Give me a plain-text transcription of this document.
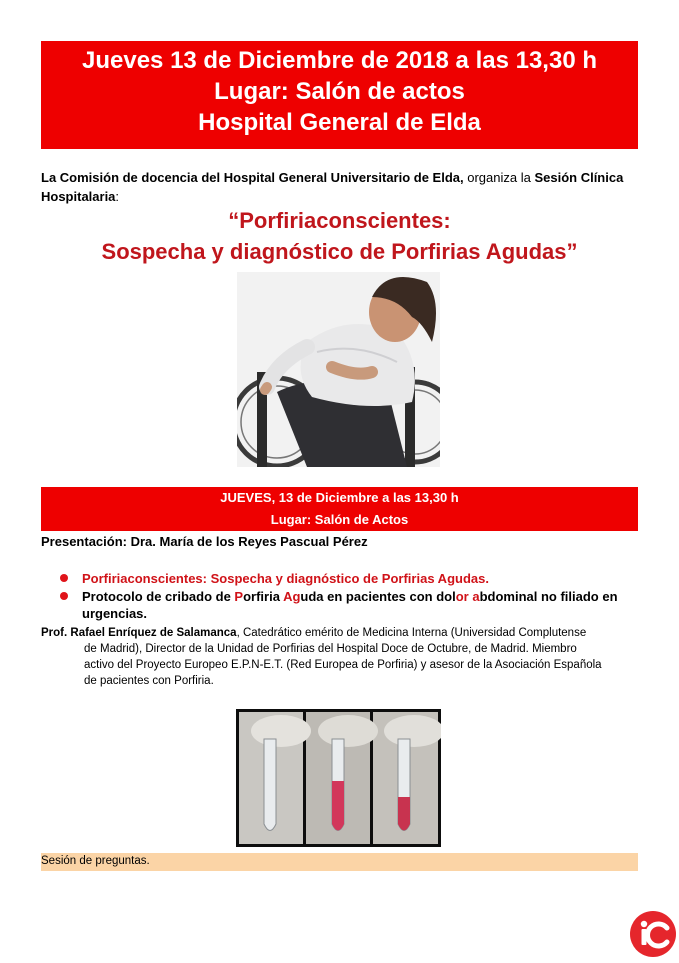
Jueves 13 de Diciembre de 2018 a las 13,30 h
Lugar: Salón de actos
Hospital General de Elda
La Comisión de docencia del Hospital General Universitario de Elda, organiza la Sesión Clínica Hospitalaria:
“Porfiriaconscientes:
Sospecha y diagnóstico de Porfirias Agudas”
JUEVES, 13 de Diciembre a las 13,30 h
Lugar: Salón de Actos
Presentación: Dra. María de los Reyes Pascual Pérez
Porfiriaconscientes: Sospecha y diagnóstico de Porfirias Agudas.
Protocolo de cribado de Porfiria Aguda en pacientes con dolor abdominal no filiado en urgencias.
Prof. Rafael Enríquez de Salamanca, Catedrático emérito de Medicina Interna (Universidad Complutense
de Madrid), Director de la Unidad de Porfirias del Hospital Doce de Octubre, de Madrid. Miembro
activo del Proyecto Europeo E.P.N-E.T. (Red Europea de Porfiria) y asesor de la Asociación Española
de pacientes con Porfiria.
Sesión de preguntas.
